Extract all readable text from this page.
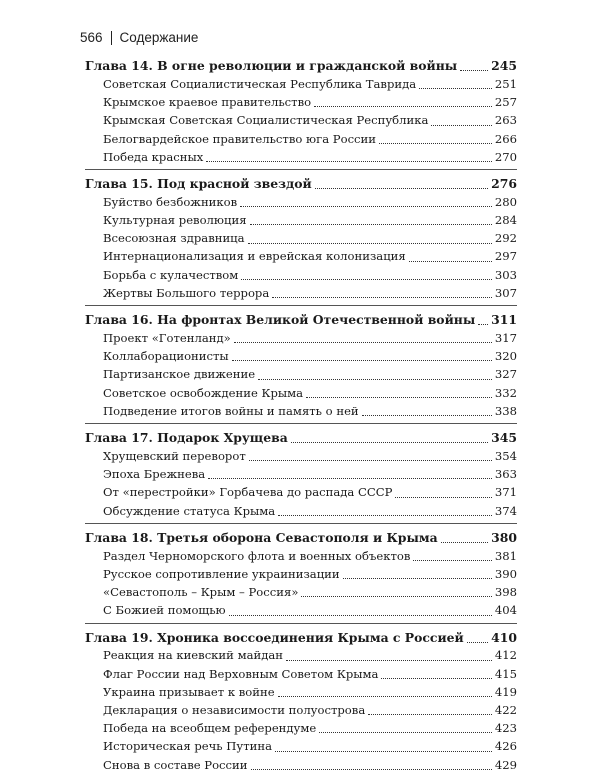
566 Содержание
Глава 14. В огне революции и гражданской войны	245
Советская Социалистическая Республика Таврида	251
Крымское краевое правительство	257
Крымская Советская Социалистическая Республика	263
Белогвардейское правительство юга России	266
Победа красных	270
Глава 15. Под красной звездой	276
Буйство безбожников	280
Культурная революция	284
Всесоюзная здравница	292
Интернационализация и еврейская колонизация	297
Борьба с кулачеством	303
Жертвы Большого террора	307
Глава 16. На фронтах Великой Отечественной войны 311
Проект «Готенланд»	317
Коллаборационисты	320
Партизанское движение	327
Советское освобождение Крыма	332
Подведение итогов войны и память о ней	338
Глава 17. Подарок Хрущева	345
Хрущевский переворот	354
Эпоха Брежнева	363
От «перестройки» Горбачева до распада СССР	371
Обсуждение статуса Крыма	374
Глава 18. Третья оборона Севастополя и Крыма	380
Раздел Черноморского флота и военных объектов	381
Русское сопротивление украинизации	390
«Севастополь – Крым – Россия»	398
С Божией помощью	404
Глава 19. Хроника воссоединения Крыма с Россией 410
Реакция на киевский майдан	412
Флаг России над Верховным Советом Крыма	415
Украина призывает к войне	419
Декларация о независимости полуострова	422
Победа на всеобщем референдуме	423
Историческая речь Путина	426
Снова в составе России	429
